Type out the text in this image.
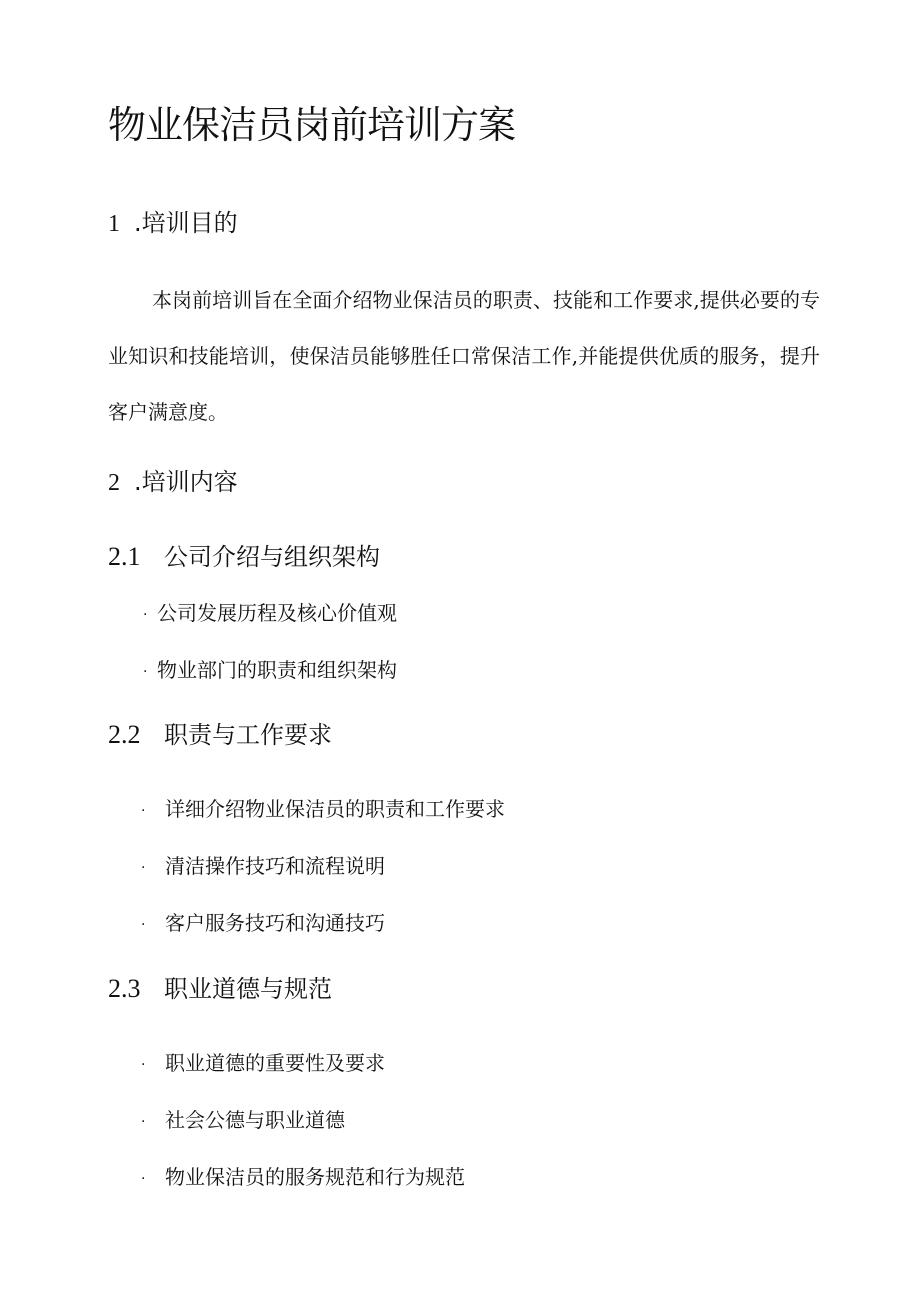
物业保洁员岗前培训方案
1 .培训目的
本岗前培训旨在全面介绍物业保洁员的职责、技能和工作要求,提供必要的专业知识和技能培训，使保洁员能够胜任口常保洁工作,并能提供优质的服务，提升客户满意度。
2 .培训内容
2.1 公司介绍与组织架构
· 公司发展历程及核心价值观
· 物业部门的职责和组织架构
2.2 职责与工作要求
· 详细介绍物业保洁员的职责和工作要求
· 清洁操作技巧和流程说明
· 客户服务技巧和沟通技巧
2.3 职业道德与规范
· 职业道德的重要性及要求
· 社会公德与职业道德
· 物业保洁员的服务规范和行为规范
